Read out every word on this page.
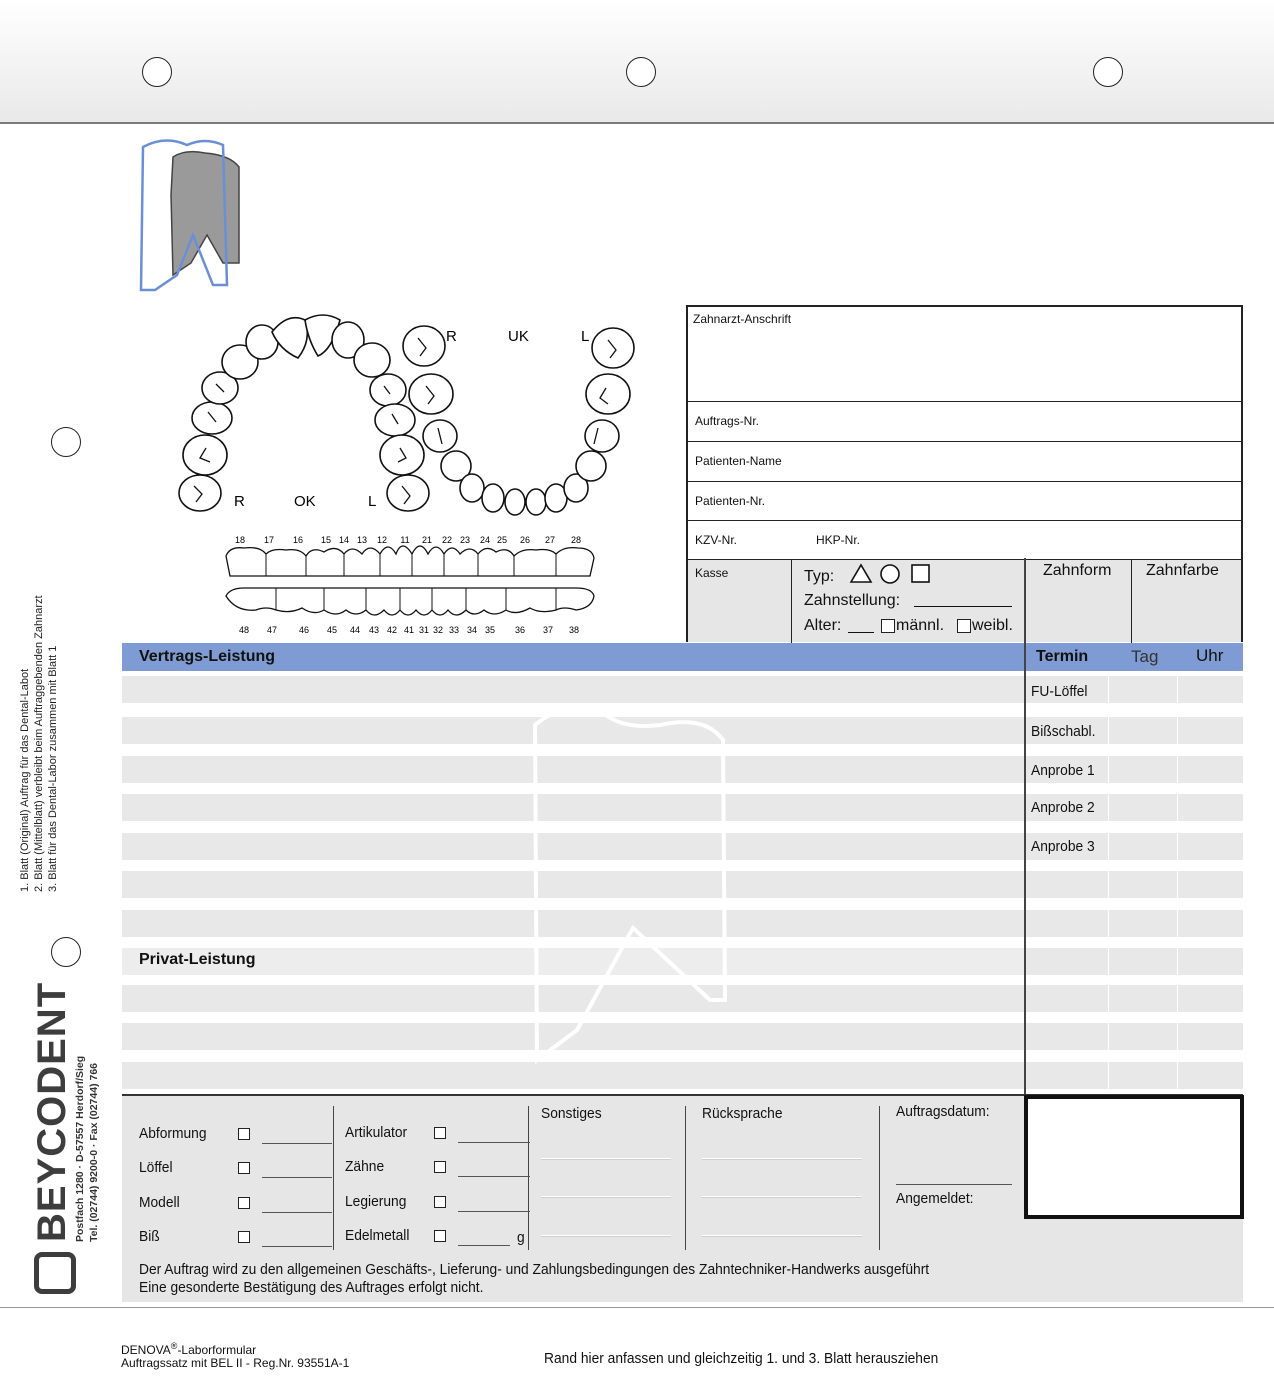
R	OK	L
R	UK	L
18 17 16 15 14 13 12 11 21 22 23 24 25 26 27 28
48 47 46 45 44 43 42 41 31 32 33 34 35 36 37 38
1. Blatt (Original) Auftrag für das Dental-Labot 2. Blatt (Mittelblatt) verbleibt beim Auftraggebenden Zahnarzt 3. Blatt für das Dental-Labor zusammen mit Blatt 1
BEYCODENT Postfach 1280 · D-57557 Herdorf/Sieg Tel. (02744) 9200-0 · Fax (02744) 766
Zahnarzt-Anschrift
Auftrags-Nr.
Patienten-Name
Patienten-Nr.
KZV-Nr.	HKP-Nr.
Kasse	Typ:
Zahnstellung:
Alter:	männl. weibl.
Zahnform Zahnfarbe
Vertrags-Leistung	Termin	Tag Uhr
Privat-Leistung
FU-Löffel
Bißschabl.
Anprobe 1
Anprobe 2
Anprobe 3
Abformung	Artikulator
Löffel	Zähne
Modell	Legierung
Biß	Edelmetall	g
Sonstiges	Rücksprache	Auftragsdatum:
Angemeldet:
Der Auftrag wird zu den allgemeinen Geschäfts-, Lieferung- und Zahlungsbedingungen des Zahntechniker-Handwerks ausgeführt
Eine gesonderte Bestätigung des Auftrages erfolgt nicht.
DENOVA®-Laborformular
Auftragssatz mit BEL II - Reg.Nr. 93551A-1	Rand hier anfassen und gleichzeitig 1. und 3. Blatt herausziehen
